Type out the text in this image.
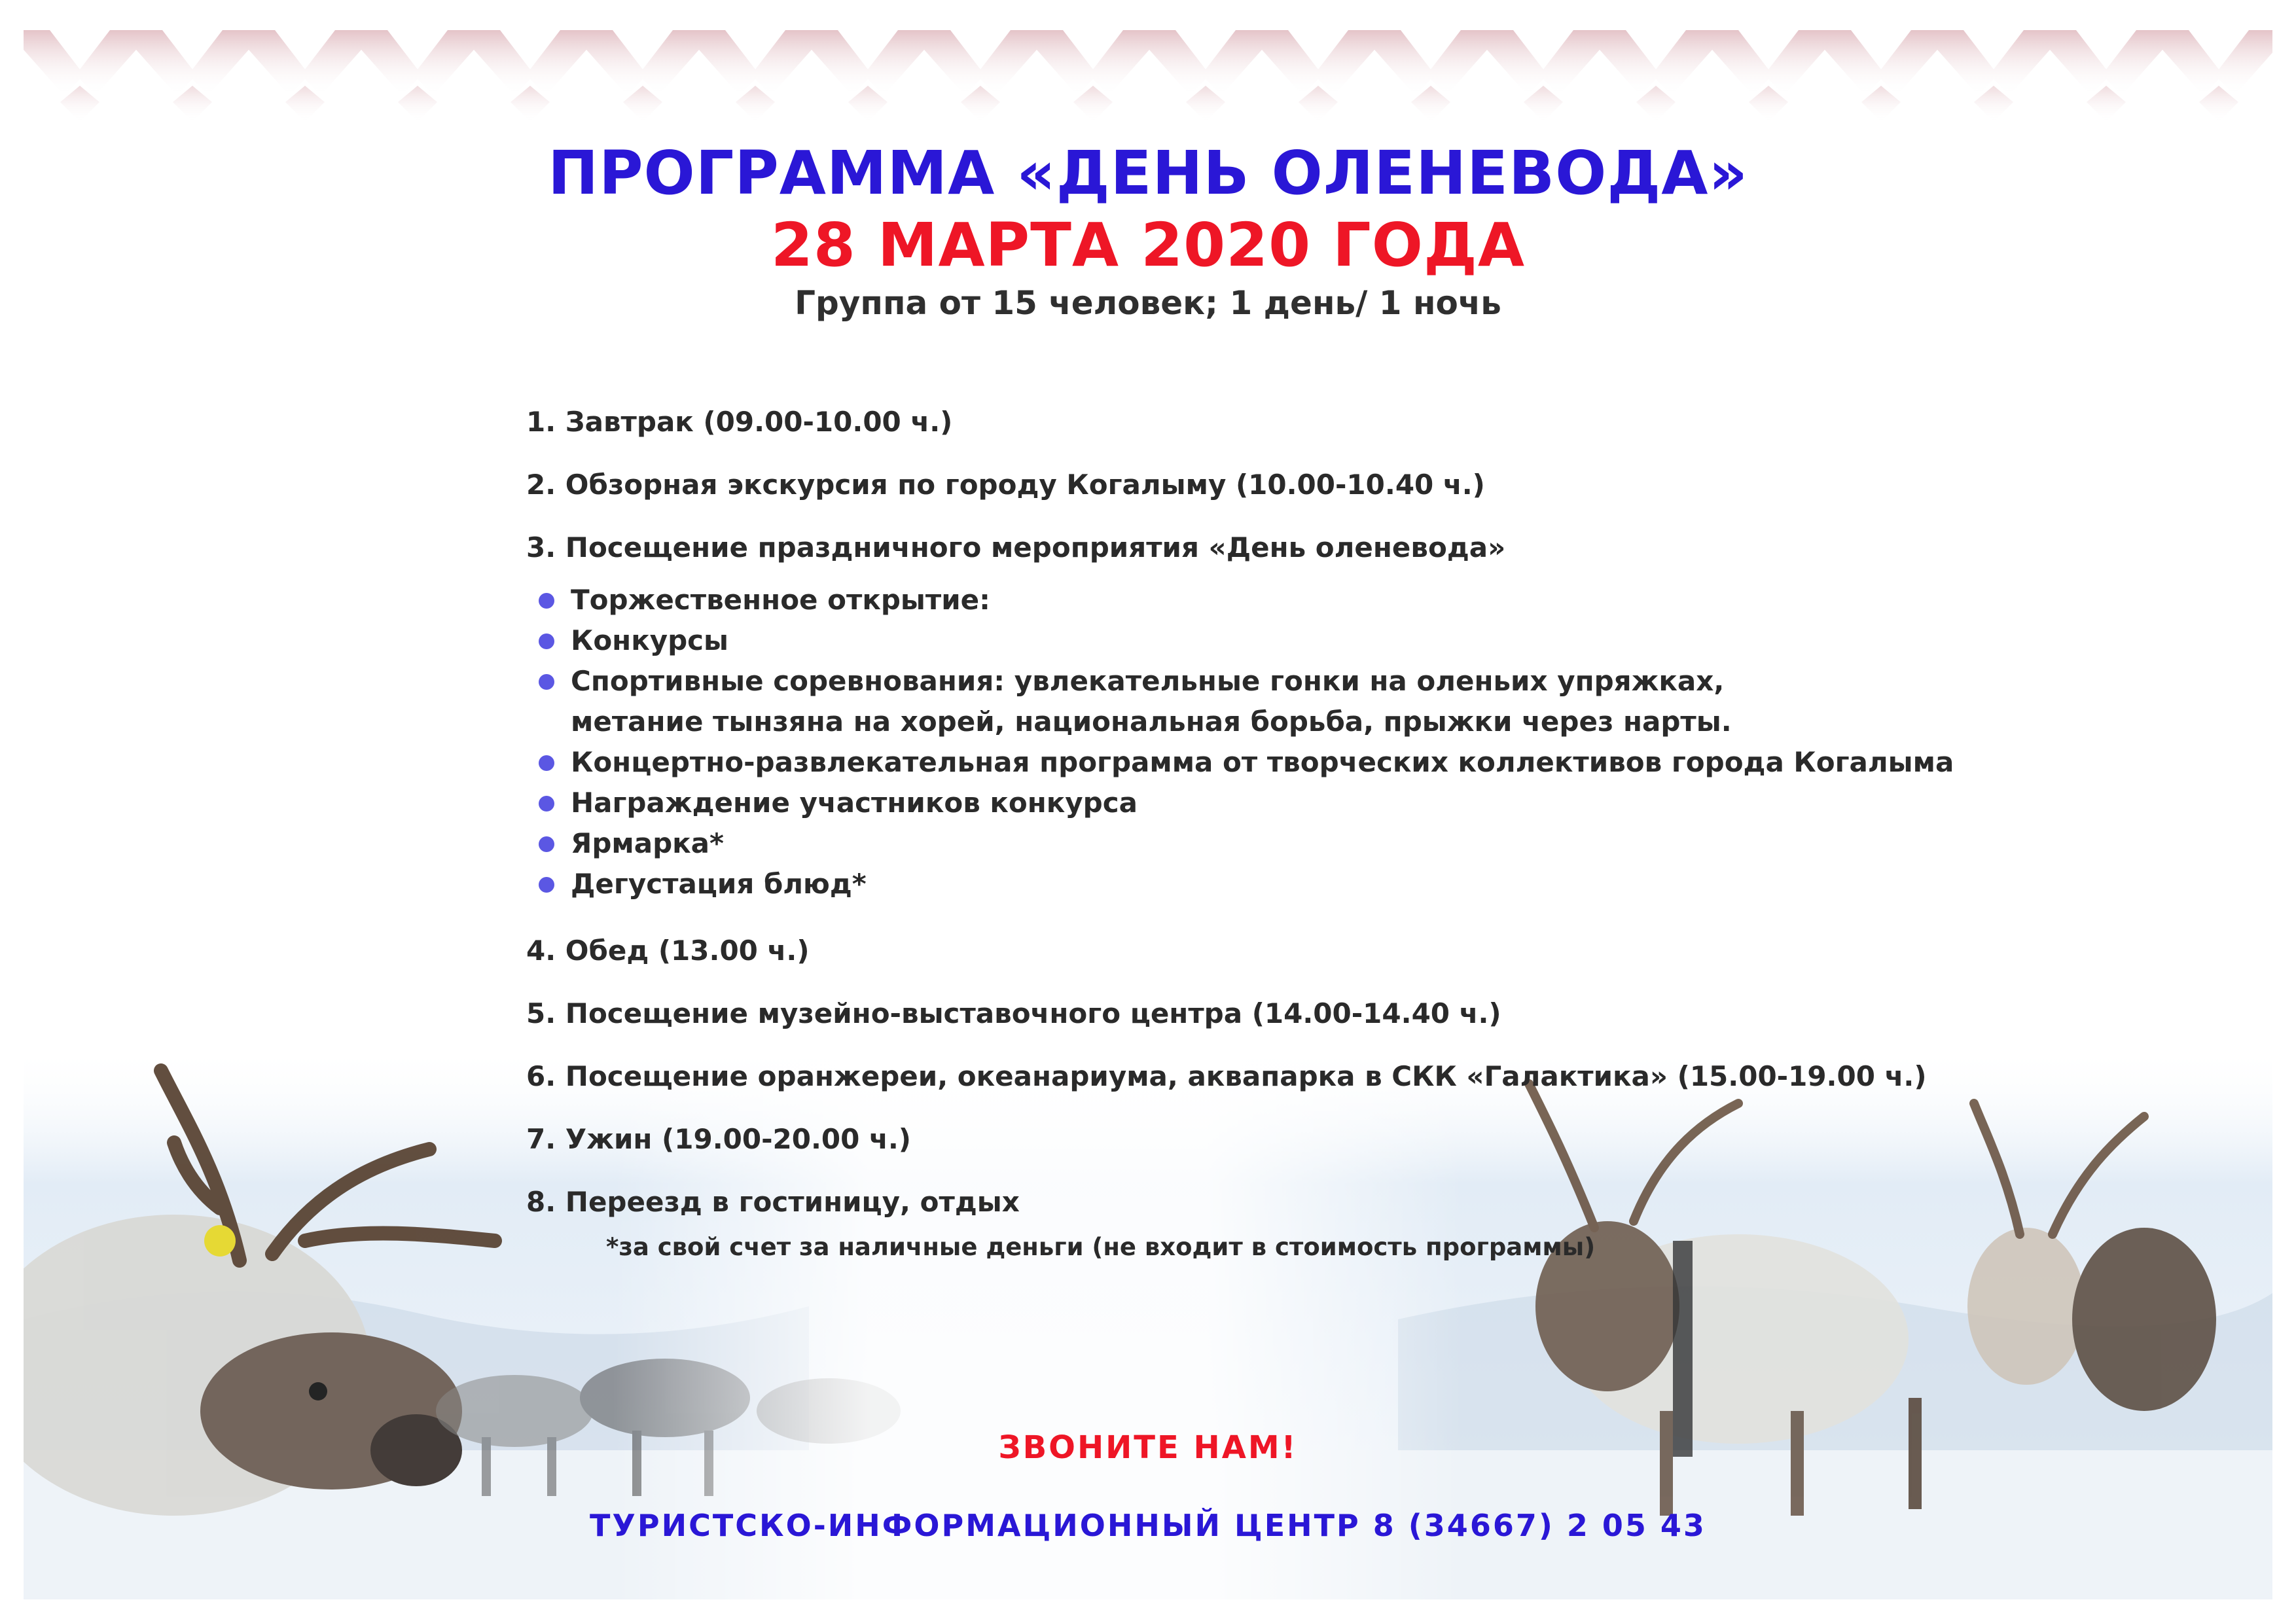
ПРОГРАММА «ДЕНЬ ОЛЕНЕВОДА»
28 МАРТА 2020 ГОДА
Группа от 15 человек; 1 день/ 1 ночь
1. Завтрак (09.00-10.00 ч.)
2. Обзорная экскурсия по городу Когалыму (10.00-10.40 ч.)
3. Посещение праздничного мероприятия «День оленевода»
Торжественное открытие:
Конкурсы
Спортивные соревнования: увлекательные гонки на оленьих упряжках,
метание тынзяна на хорей, национальная борьба, прыжки через нарты.
Концертно-развлекательная программа от творческих коллективов города Когалыма
Награждение участников конкурса
Ярмарка*
Дегустация блюд*
4. Обед (13.00 ч.)
5. Посещение музейно-выставочного центра (14.00-14.40 ч.)
6. Посещение оранжереи, океанариума, аквапарка в СКК «Галактика» (15.00-19.00 ч.)
7. Ужин (19.00-20.00 ч.)
8. Переезд в гостиницу, отдых
*за свой счет за наличные деньги (не входит в стоимость программы)
ЗВОНИТЕ НАМ!
ТУРИСТСКО-ИНФОРМАЦИОННЫЙ ЦЕНТР 8 (34667) 2 05 43
